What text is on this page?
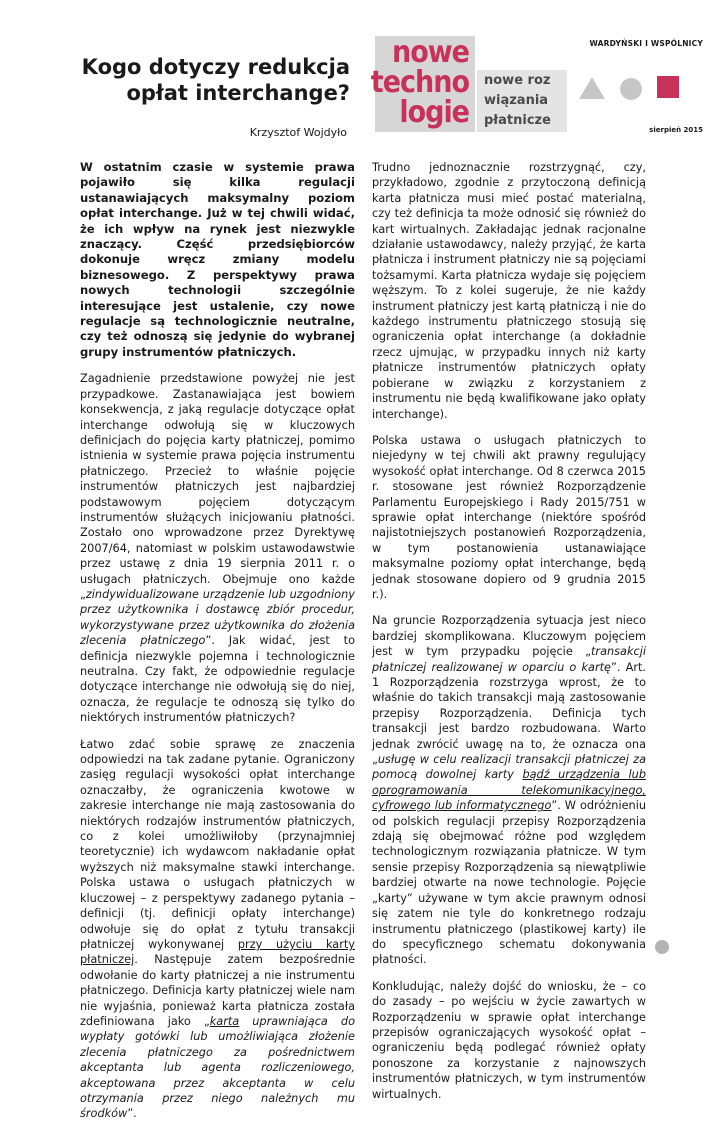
Kogo dotyczy redukcja
opłat interchange?
Krzysztof Wojdyło
nowe
techno
logie
nowe roz
wiązania
płatnicze
WARDYŃSKI I WSPÓLNICY
sierpień 2015

W ostatnim czasie w systemie prawa pojawiło się kilka regulacji ustanawiających maksymalny poziom opłat interchange. Już w tej chwili widać, że ich wpływ na rynek jest niezwykle znaczący. Część przedsiębiorców dokonuje wręcz zmiany modelu biznesowego. Z perspektywy prawa nowych technologii szczególnie interesujące jest ustalenie, czy nowe regulacje są technologicznie neutralne, czy też odnoszą się jedynie do wybranej grupy instrumentów płatniczych.

Zagadnienie przedstawione powyżej nie jest przypadkowe. Zastanawiająca jest bowiem konsekwencja, z jaką regulacje dotyczące opłat interchange odwołują się w kluczowych definicjach do pojęcia karty płatniczej, pomimo istnienia w systemie prawa pojęcia instrumentu płatniczego. Przecież to właśnie pojęcie instrumentów płatniczych jest najbardziej podstawowym pojęciem dotyczącym instrumentów służących inicjowaniu płatności. Zostało ono wprowadzone przez Dyrektywę 2007/64, natomiast w polskim ustawodawstwie przez ustawę z dnia 19 sierpnia 2011 r. o usługach płatniczych. Obejmuje ono każde „zindywidualizowane urządzenie lub uzgodniony przez użytkownika i dostawcę zbiór procedur, wykorzystywane przez użytkownika do złożenia zlecenia płatniczego”. Jak widać, jest to definicja niezwykle pojemna i technologicznie neutralna. Czy fakt, że odpowiednie regulacje dotyczące interchange nie odwołują się do niej, oznacza, że regulacje te odnoszą się tylko do niektórych instrumentów płatniczych?

Łatwo zdać sobie sprawę ze znaczenia odpowiedzi na tak zadane pytanie. Ograniczony zasięg regulacji wysokości opłat interchange oznaczałby, że ograniczenia kwotowe w zakresie interchange nie mają zastosowania do niektórych rodzajów instrumentów płatniczych, co z kolei umożliwiłoby (przynajmniej teoretycznie) ich wydawcom nakładanie opłat wyższych niż maksymalne stawki interchange. Polska ustawa o usługach płatniczych w kluczowej – z perspektywy zadanego pytania – definicji (tj. definicji opłaty interchange) odwołuje się do opłat z tytułu transakcji płatniczej wykonywanej przy użyciu karty płatniczej. Następuje zatem bezpośrednie odwołanie do karty płatniczej a nie instrumentu płatniczego. Definicja karty płatniczej wiele nam nie wyjaśnia, ponieważ karta płatnicza została zdefiniowana jako „karta uprawniająca do wypłaty gotówki lub umożliwiająca złożenie zlecenia płatniczego za pośrednictwem akceptanta lub agenta rozliczeniowego, akceptowana przez akceptanta w celu otrzymania przez niego należnych mu środków”.

Trudno jednoznacznie rozstrzygnąć, czy, przykładowo, zgodnie z przytoczoną definicją karta płatnicza musi mieć postać materialną, czy też definicja ta może odnosić się również do kart wirtualnych. Zakładając jednak racjonalne działanie ustawodawcy, należy przyjąć, że karta płatnicza i instrument płatniczy nie są pojęciami tożsamymi. Karta płatnicza wydaje się pojęciem węższym. To z kolei sugeruje, że nie każdy instrument płatniczy jest kartą płatniczą i nie do każdego instrumentu płatniczego stosują się ograniczenia opłat interchange (a dokładnie rzecz ujmując, w przypadku innych niż karty płatnicze instrumentów płatniczych opłaty pobierane w związku z korzystaniem z instrumentu nie będą kwalifikowane jako opłaty interchange).

Polska ustawa o usługach płatniczych to niejedyny w tej chwili akt prawny regulujący wysokość opłat interchange. Od 8 czerwca 2015 r. stosowane jest również Rozporządzenie Parlamentu Europejskiego i Rady 2015/751 w sprawie opłat interchange (niektóre spośród najistotniejszych postanowień Rozporządzenia, w tym postanowienia ustanawiające maksymalne poziomy opłat interchange, będą jednak stosowane dopiero od 9 grudnia 2015 r.).

Na gruncie Rozporządzenia sytuacja jest nieco bardziej skomplikowana. Kluczowym pojęciem jest w tym przypadku pojęcie „transakcji płatniczej realizowanej w oparciu o kartę”. Art. 1 Rozporządzenia rozstrzyga wprost, że to właśnie do takich transakcji mają zastosowanie przepisy Rozporządzenia. Definicja tych transakcji jest bardzo rozbudowana. Warto jednak zwrócić uwagę na to, że oznacza ona „usługę w celu realizacji transakcji płatniczej za pomocą dowolnej karty bądź urządzenia lub oprogramowania telekomunikacyjnego, cyfrowego lub informatycznego”. W odróżnieniu od polskich regulacji przepisy Rozporządzenia zdają się obejmować różne pod względem technologicznym rozwiązania płatnicze. W tym sensie przepisy Rozporządzenia są niewątpliwie bardziej otwarte na nowe technologie. Pojęcie „karty” używane w tym akcie prawnym odnosi się zatem nie tyle do konkretnego rodzaju instrumentu płatniczego (plastikowej karty) ile do specyficznego schematu dokonywania płatności.

Konkludując, należy dojść do wniosku, że – co do zasady – po wejściu w życie zawartych w Rozporządzeniu w sprawie opłat interchange przepisów ograniczających wysokość opłat – ograniczeniu będą podlegać również opłaty ponoszone za korzystanie z najnowszych instrumentów płatniczych, w tym instrumentów wirtualnych.
